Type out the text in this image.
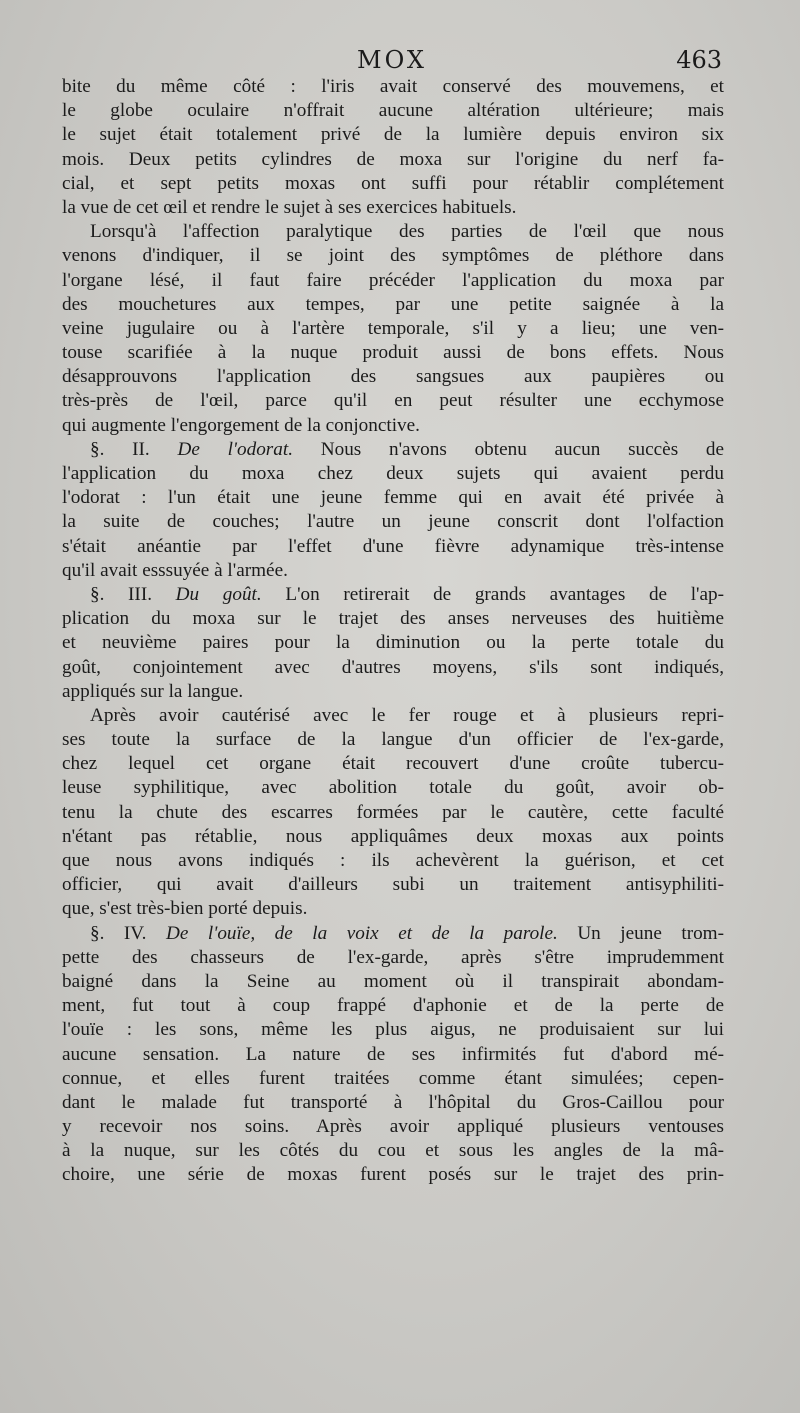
MOX	463
bite du même côté : l'iris avait conservé des mouvemens, et
le globe oculaire n'offrait aucune altération ultérieure; mais
le sujet était totalement privé de la lumière depuis environ six
mois. Deux petits cylindres de moxa sur l'origine du nerf fa-
cial, et sept petits moxas ont suffi pour rétablir complétement
la vue de cet œil et rendre le sujet à ses exercices habituels.
Lorsqu'à l'affection paralytique des parties de l'œil que nous
venons d'indiquer, il se joint des symptômes de pléthore dans
l'organe lésé, il faut faire précéder l'application du moxa par
des mouchetures aux tempes, par une petite saignée à la
veine jugulaire ou à l'artère temporale, s'il y a lieu; une ven-
touse scarifiée à la nuque produit aussi de bons effets. Nous
désapprouvons l'application des sangsues aux paupières ou
très-près de l'œil, parce qu'il en peut résulter une ecchymose
qui augmente l'engorgement de la conjonctive.
§. II. De l'odorat. Nous n'avons obtenu aucun succès de
l'application du moxa chez deux sujets qui avaient perdu
l'odorat : l'un était une jeune femme qui en avait été privée à
la suite de couches; l'autre un jeune conscrit dont l'olfaction
s'était anéantie par l'effet d'une fièvre adynamique très-intense
qu'il avait esssuyée à l'armée.
§. III. Du goût. L'on retirerait de grands avantages de l'ap-
plication du moxa sur le trajet des anses nerveuses des huitième
et neuvième paires pour la diminution ou la perte totale du
goût, conjointement avec d'autres moyens, s'ils sont indiqués,
appliqués sur la langue.
Après avoir cautérisé avec le fer rouge et à plusieurs repri-
ses toute la surface de la langue d'un officier de l'ex-garde,
chez lequel cet organe était recouvert d'une croûte tubercu-
leuse syphilitique, avec abolition totale du goût, avoir ob-
tenu la chute des escarres formées par le cautère, cette faculté
n'étant pas rétablie, nous appliquâmes deux moxas aux points
que nous avons indiqués : ils achevèrent la guérison, et cet
officier, qui avait d'ailleurs subi un traitement antisyphiliti-
que, s'est très-bien porté depuis.
§. IV. De l'ouïe, de la voix et de la parole. Un jeune trom-
pette des chasseurs de l'ex-garde, après s'être imprudemment
baigné dans la Seine au moment où il transpirait abondam-
ment, fut tout à coup frappé d'aphonie et de la perte de
l'ouïe : les sons, même les plus aigus, ne produisaient sur lui
aucune sensation. La nature de ses infirmités fut d'abord mé-
connue, et elles furent traitées comme étant simulées; cepen-
dant le malade fut transporté à l'hôpital du Gros-Caillou pour
y recevoir nos soins. Après avoir appliqué plusieurs ventouses
à la nuque, sur les côtés du cou et sous les angles de la mâ-
choire, une série de moxas furent posés sur le trajet des prin-
